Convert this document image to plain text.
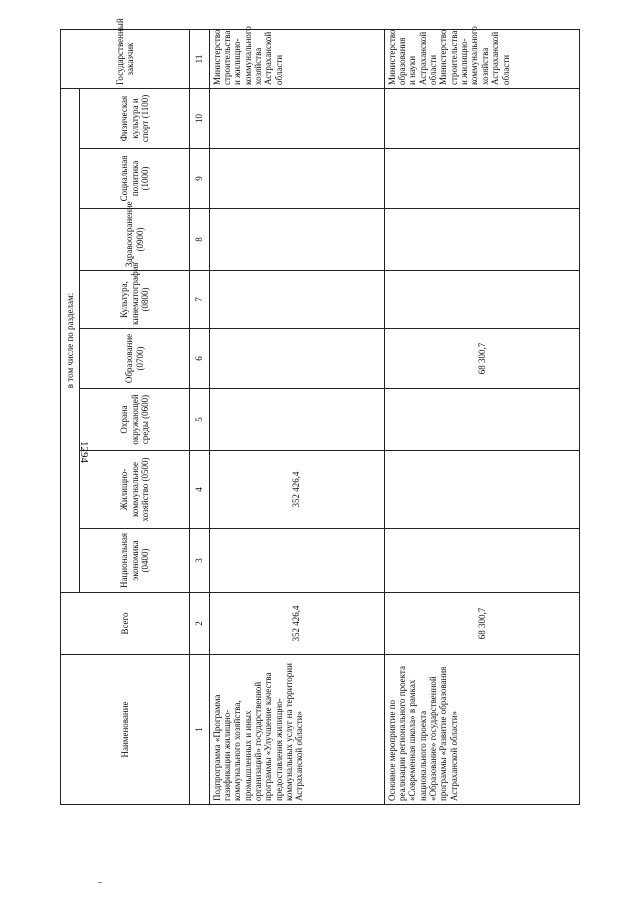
1294
Наименование	Всего	в том числе по разделам:								Государственный заказчик
		Национальная экономика (0400)	Жилищно-коммунальное хозяйство (0500)	Охрана окружающей среды (0600)	Образование (0700)	Культура, кинематография (0800)	Здравоохранение (0900)	Социальная политика (1000)	Физическая культура и спорт (1100)	
1	2	3	4	5	6	7	8	9	10	11
Подпрограмма «Программа газификации жилищно-коммунального хозяйства, промышленных и иных организаций» государственной программы «Улучшение качества предоставления жилищно-коммунальных услуг на территории Астраханской области»	352 426,4		352 426,4							Министерство строительства и жилищно-коммунального хозяйства Астраханской области
Основное мероприятие по реализации регионального проекта «Современная школа» в рамках национального проекта «Образование» государственной программы «Развитие образования Астраханской области»	68 300,7				68 300,7					Министерство образования и науки Астраханской области Министерство строительства и жилищно-коммунального хозяйства Астраханской области
